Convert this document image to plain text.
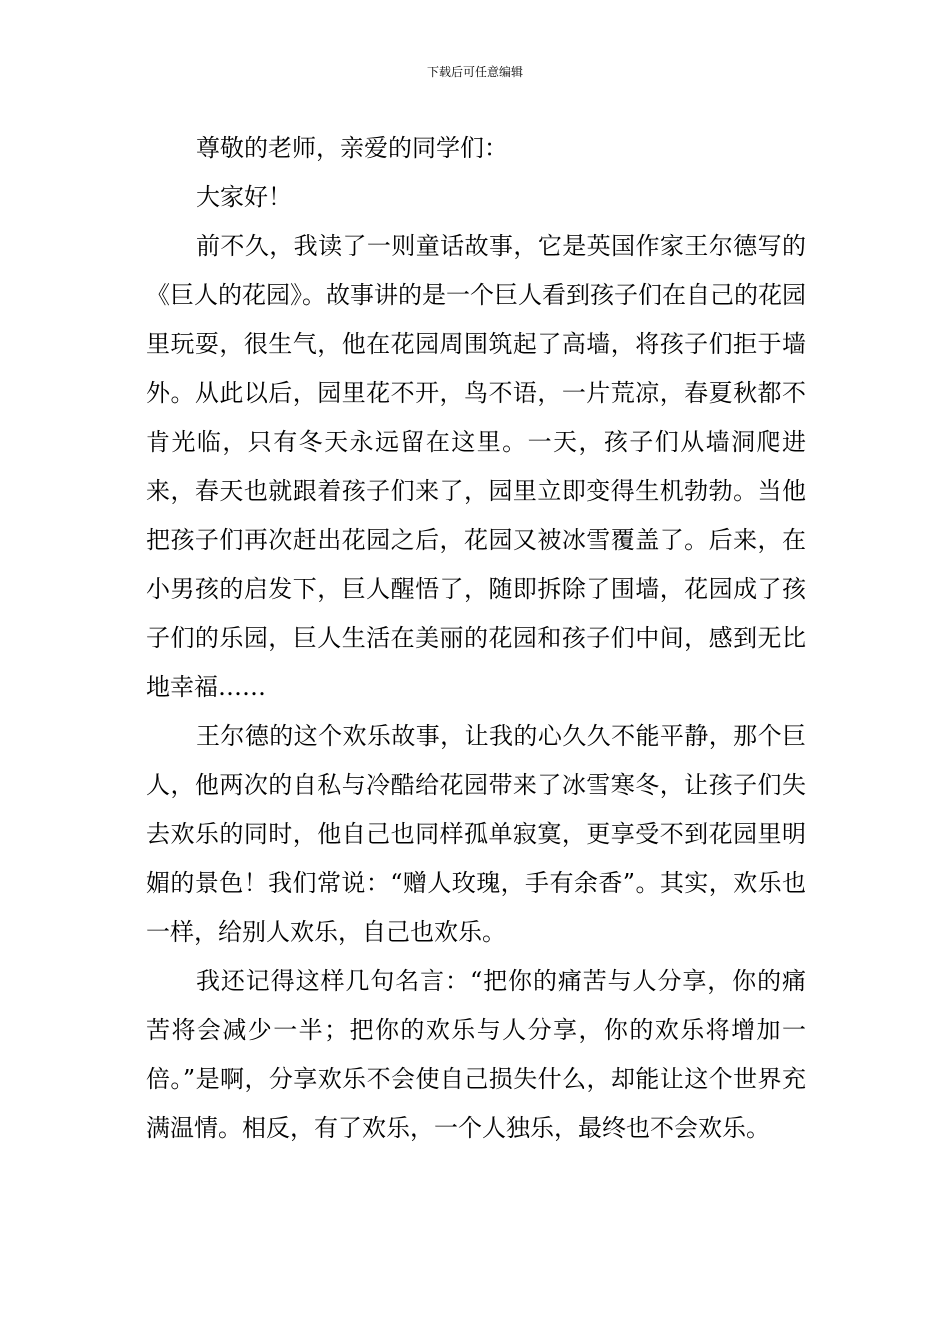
下载后可任意编辑

尊敬的老师，亲爱的同学们：

大家好！

前不久，我读了一则童话故事，它是英国作家王尔德写的《巨人的花园》。故事讲的是一个巨人看到孩子们在自己的花园里玩耍，很生气，他在花园周围筑起了高墙，将孩子们拒于墙外。从此以后，园里花不开，鸟不语，一片荒凉，春夏秋都不肯光临，只有冬天永远留在这里。一天，孩子们从墙洞爬进来，春天也就跟着孩子们来了，园里立即变得生机勃勃。当他把孩子们再次赶出花园之后，花园又被冰雪覆盖了。后来，在小男孩的启发下，巨人醒悟了，随即拆除了围墙，花园成了孩子们的乐园，巨人生活在美丽的花园和孩子们中间，感到无比地幸福……

王尔德的这个欢乐故事，让我的心久久不能平静，那个巨人，他两次的自私与冷酷给花园带来了冰雪寒冬，让孩子们失去欢乐的同时，他自己也同样孤单寂寞，更享受不到花园里明媚的景色！我们常说：“赠人玫瑰，手有余香”。其实，欢乐也一样，给别人欢乐，自己也欢乐。

我还记得这样几句名言：“把你的痛苦与人分享，你的痛苦将会减少一半；把你的欢乐与人分享，你的欢乐将增加一倍。”是啊，分享欢乐不会使自己损失什么，却能让这个世界充满温情。相反，有了欢乐，一个人独乐，最终也不会欢乐。
